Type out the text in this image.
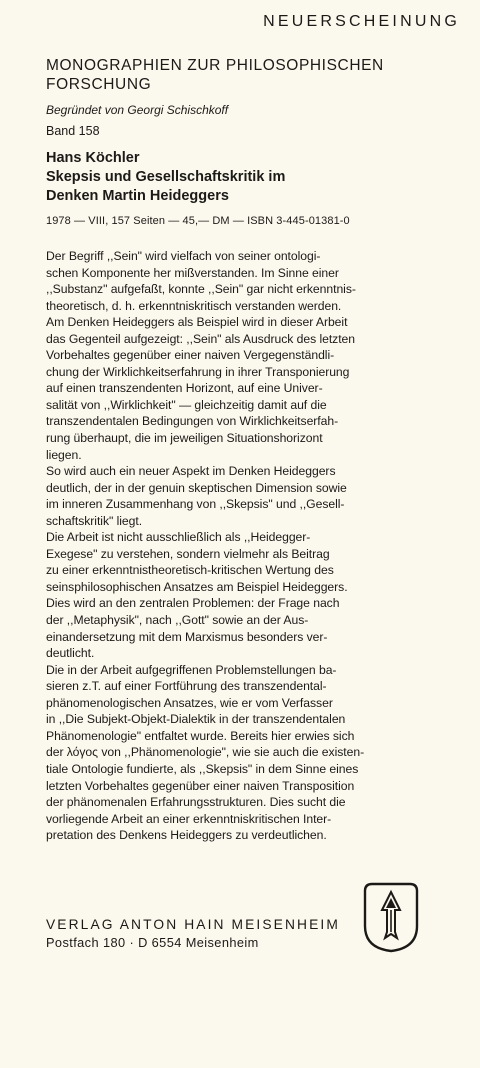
NEUERSCHEINUNG
MONOGRAPHIEN ZUR PHILOSOPHISCHEN
FORSCHUNG
Begründet von Georgi Schischkoff
Band 158
Hans Köchler
Skepsis und Gesellschaftskritik im
Denken Martin Heideggers
1978 — VIII, 157 Seiten — 45,— DM — ISBN 3-445-01381-0
Der Begriff ,,Sein" wird vielfach von seiner ontologi-
schen Komponente her mißverstanden. Im Sinne einer
,,Substanz" aufgefaßt, konnte ,,Sein" gar nicht erkenntnis-
theoretisch, d. h. erkenntniskritisch verstanden werden.
Am Denken Heideggers als Beispiel wird in dieser Arbeit
das Gegenteil aufgezeigt: ,,Sein" als Ausdruck des letzten
Vorbehaltes gegenüber einer naiven Vergegenständli-
chung der Wirklichkeitserfahrung in ihrer Transponierung
auf einen transzendenten Horizont, auf eine Univer-
salität von ,,Wirklichkeit" — gleichzeitig damit auf die
transzendentalen Bedingungen von Wirklichkeitserfah-
rung überhaupt, die im jeweiligen Situationshorizont
liegen.
So wird auch ein neuer Aspekt im Denken Heideggers
deutlich, der in der genuin skeptischen Dimension sowie
im inneren Zusammenhang von ,,Skepsis" und ,,Gesell-
schaftskritik" liegt.
Die Arbeit ist nicht ausschließlich als ,,Heidegger-
Exegese" zu verstehen, sondern vielmehr als Beitrag
zu einer erkenntnistheoretisch-kritischen Wertung des
seinsphilosophischen Ansatzes am Beispiel Heideggers.
Dies wird an den zentralen Problemen: der Frage nach
der ,,Metaphysik", nach ,,Gott" sowie an der Aus-
einandersetzung mit dem Marxismus besonders ver-
deutlicht.
Die in der Arbeit aufgegriffenen Problemstellungen ba-
sieren z.T. auf einer Fortführung des transzendental-
phänomenologischen Ansatzes, wie er vom Verfasser
in ,,Die Subjekt-Objekt-Dialektik in der transzendentalen
Phänomenologie" entfaltet wurde. Bereits hier erwies sich
der λόγος von ,,Phänomenologie", wie sie auch die existen-
tiale Ontologie fundierte, als ,,Skepsis" in dem Sinne eines
letzten Vorbehaltes gegenüber einer naiven Transposition
der phänomenalen Erfahrungsstrukturen. Dies sucht die
vorliegende Arbeit an einer erkenntniskritischen Inter-
pretation des Denkens Heideggers zu verdeutlichen.
VERLAG ANTON HAIN MEISENHEIM
Postfach 180 · D 6554 Meisenheim
